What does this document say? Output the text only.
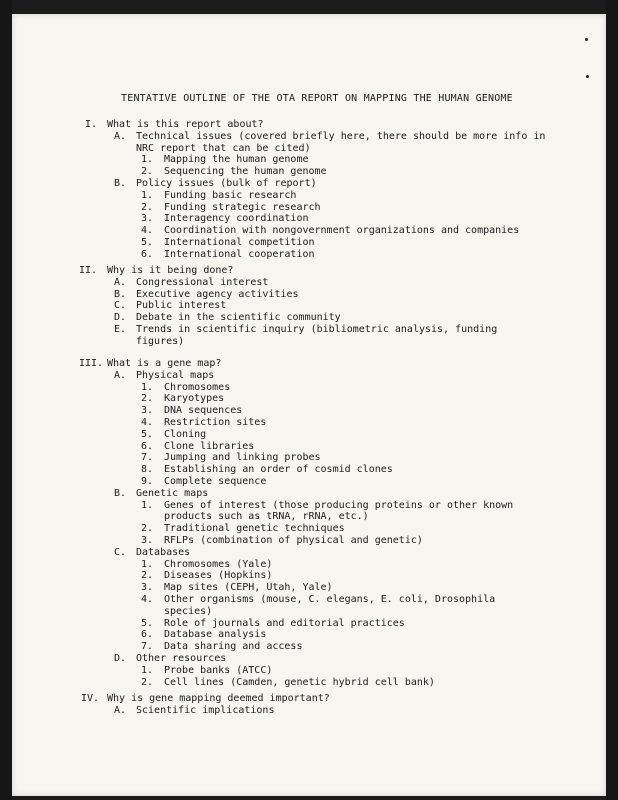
TENTATIVE OUTLINE OF THE OTA REPORT ON MAPPING THE HUMAN GENOME
I. What is this report about?
A. Technical issues (covered briefly here, there should be more info in
NRC report that can be cited)
1. Mapping the human genome
2. Sequencing the human genome
B. Policy issues (bulk of report)
1. Funding basic research
2. Funding strategic research
3. Interagency coordination
4. Coordination with nongovernment organizations and companies
5. International competition
6. International cooperation
II. Why is it being done?
A. Congressional interest
B. Executive agency activities
C. Public interest
D. Debate in the scientific community
E. Trends in scientific inquiry (bibliometric analysis, funding
figures)
III. What is a gene map?
A. Physical maps
1. Chromosomes
2. Karyotypes
3. DNA sequences
4. Restriction sites
5. Cloning
6. Clone libraries
7. Jumping and linking probes
8. Establishing an order of cosmid clones
9. Complete sequence
B. Genetic maps
1. Genes of interest (those producing proteins or other known
products such as tRNA, rRNA, etc.)
2. Traditional genetic techniques
3. RFLPs (combination of physical and genetic)
C. Databases
1. Chromosomes (Yale)
2. Diseases (Hopkins)
3. Map sites (CEPH, Utah, Yale)
4. Other organisms (mouse, C. elegans, E. coli, Drosophila
species)
5. Role of journals and editorial practices
6. Database analysis
7. Data sharing and access
D. Other resources
1. Probe banks (ATCC)
2. Cell lines (Camden, genetic hybrid cell bank)
IV. Why is gene mapping deemed important?
A. Scientific implications
